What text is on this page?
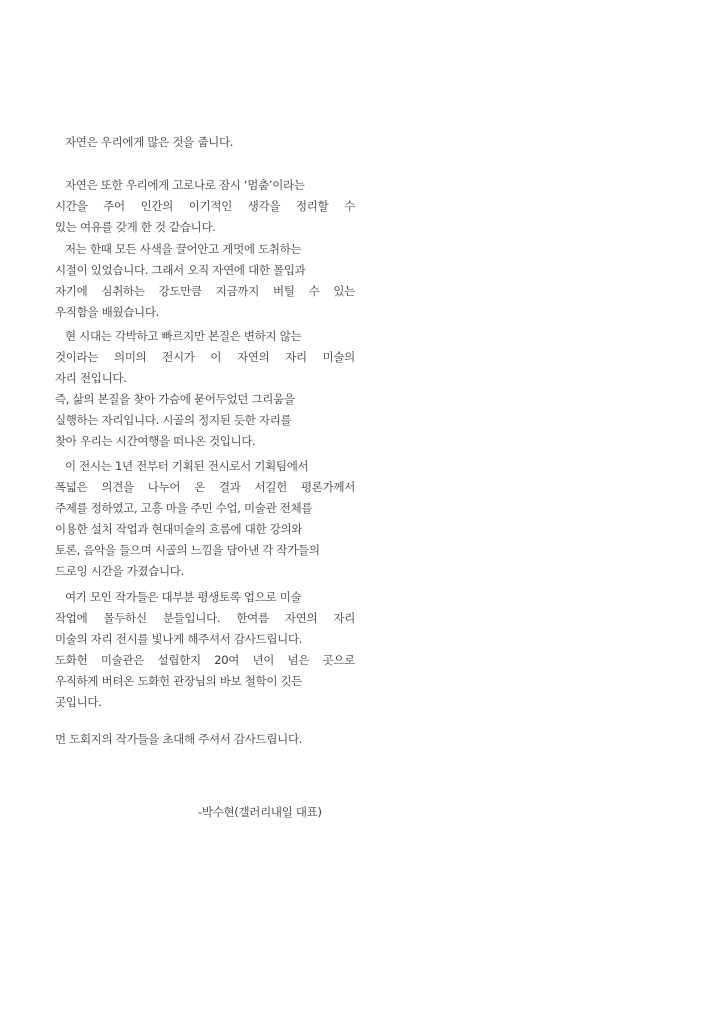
자연은 우리에게 많은 것을 줍니다.
자연은 또한 우리에게 고로나로 잠시 ‘멈춤’이라는
시간을 주어 인간의 이기적인 생각을 정리할 수
있는 여유를 갖게 한 것 같습니다.
저는 한때 모든 사색을 끌어안고 게멋에 도취하는
시절이 있었습니다. 그래서 오직 자연에 대한 몰입과
자기에 심취하는 강도만큼 지금까지 버틸 수 있는
우직함을 배웠습니다.
현 시대는 각박하고 빠르지만 본질은 변하지 않는
것이라는 의미의 전시가 이 자연의 자리 미술의
자리 전입니다.
즉, 삶의 본질을 찾아 가슴에 묻어두었던 그리움을
실행하는 자리입니다. 시골의 정지된 듯한 자리를
찾아 우리는 시간여행을 떠나온 것입니다.
이 전시는 1년 전부터 기획된 전시로서 기획팀에서
폭넓은 의견을 나누어 온 결과 서길헌 평론가께서
주제를 정하였고, 고흥 마을 주민 수업, 미술관 전체를
이용한 설치 작업과 현대미술의 흐름에 대한 강의와
토론, 음악을 들으며 시골의 느낌을 담아낸 각 작가들의
드로잉 시간을 가졌습니다.
여기 모인 작가들은 대부분 평생토록 업으로 미술
작업에 몰두하신 분들입니다. 한여름 자연의 자리
미술의 자리 전시를 빛나게 해주셔서 감사드립니다.
도화헌 미술관은 설립한지 20여 년이 넘은 곳으로
우직하게 버텨온 도화헌 관장님의 바보 철학이 깃든
곳입니다.
먼 도회지의 작가들을 초대해 주셔서 감사드립니다.
-박수현(갤러리내일 대표)
